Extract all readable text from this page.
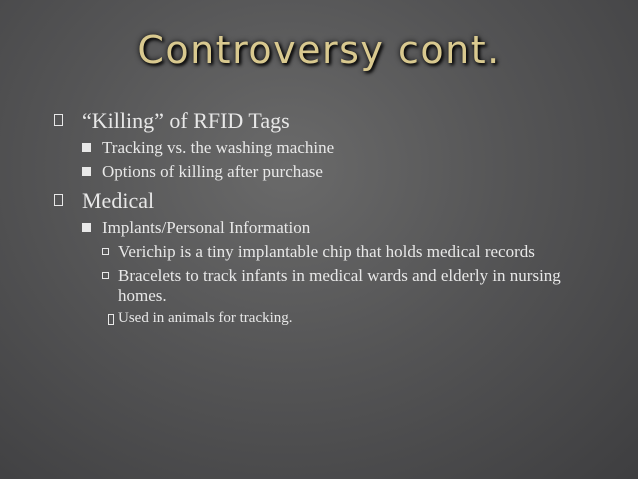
Controversy cont.
“Killing” of RFID Tags
Tracking vs. the washing machine
Options of killing after purchase
Medical
Implants/Personal Information
Verichip is a tiny implantable chip that holds medical records
Bracelets to track infants in medical wards and elderly in nursing homes.
Used in animals for tracking.
